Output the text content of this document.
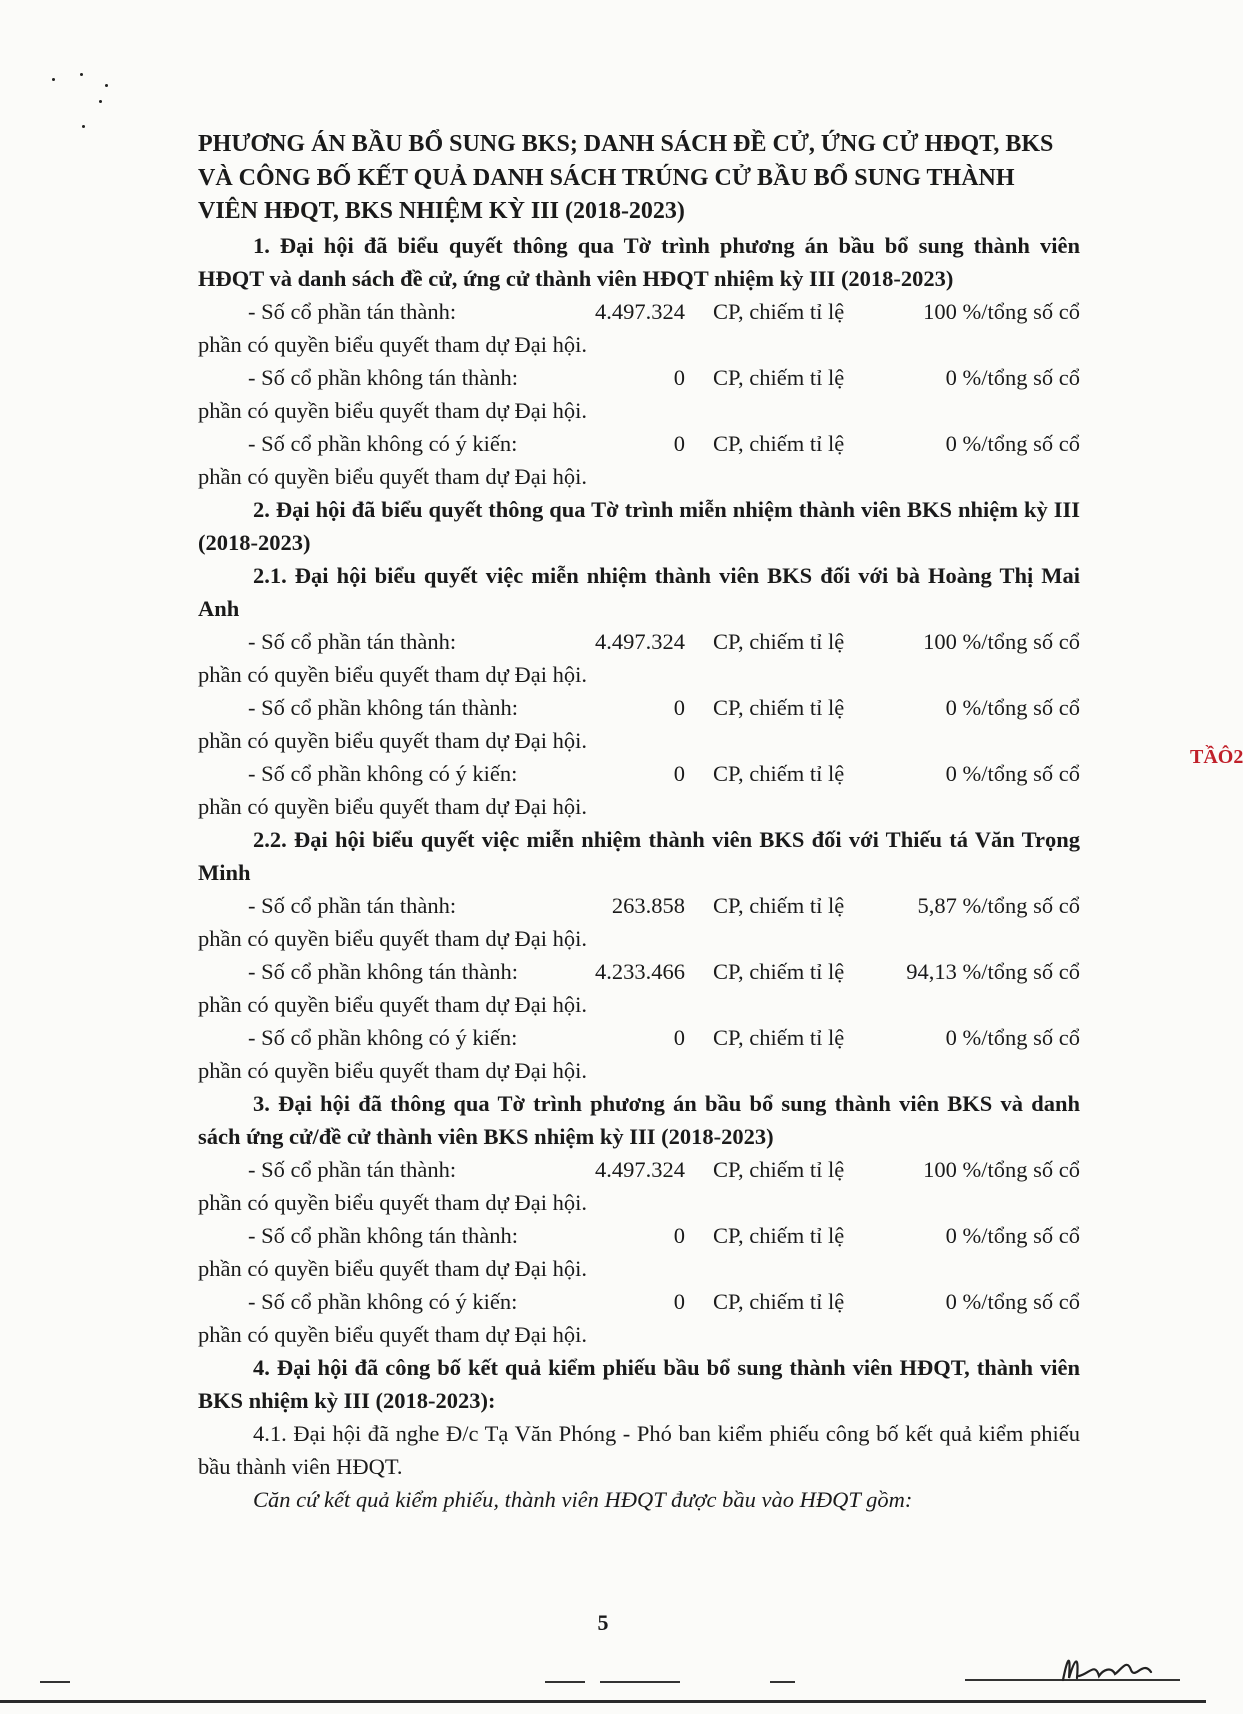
PHƯƠNG ÁN BẦU BỔ SUNG BKS; DANH SÁCH ĐỀ CỬ, ỨNG CỬ HĐQT, BKS VÀ CÔNG BỐ KẾT QUẢ DANH SÁCH TRÚNG CỬ BẦU BỔ SUNG THÀNH VIÊN HĐQT, BKS NHIỆM KỲ III (2018-2023)

1. Đại hội đã biểu quyết thông qua Tờ trình phương án bầu bổ sung thành viên HĐQT và danh sách đề cử, ứng cử thành viên HĐQT nhiệm kỳ III (2018-2023)

- Số cổ phần tán thành:	4.497.324	CP, chiếm tỉ lệ	100 %/tổng số cổ
phần có quyền biểu quyết tham dự Đại hội.
- Số cổ phần không tán thành:	0	CP, chiếm tỉ lệ	0 %/tổng số cổ
phần có quyền biểu quyết tham dự Đại hội.
- Số cổ phần không có ý kiến:	0	CP, chiếm tỉ lệ	0 %/tổng số cổ
phần có quyền biểu quyết tham dự Đại hội.

2. Đại hội đã biểu quyết thông qua Tờ trình miễn nhiệm thành viên BKS nhiệm kỳ III (2018-2023)

2.1. Đại hội biểu quyết việc miễn nhiệm thành viên BKS đối với bà Hoàng Thị Mai Anh

- Số cổ phần tán thành:	4.497.324	CP, chiếm tỉ lệ	100 %/tổng số cổ
phần có quyền biểu quyết tham dự Đại hội.
- Số cổ phần không tán thành:	0	CP, chiếm tỉ lệ	0 %/tổng số cổ
phần có quyền biểu quyết tham dự Đại hội.
- Số cổ phần không có ý kiến:	0	CP, chiếm tỉ lệ	0 %/tổng số cổ
phần có quyền biểu quyết tham dự Đại hội.

2.2. Đại hội biểu quyết việc miễn nhiệm thành viên BKS đối với Thiếu tá Văn Trọng Minh

- Số cổ phần tán thành:	263.858	CP, chiếm tỉ lệ	5,87 %/tổng số cổ
phần có quyền biểu quyết tham dự Đại hội.
- Số cổ phần không tán thành:	4.233.466	CP, chiếm tỉ lệ	94,13 %/tổng số cổ
phần có quyền biểu quyết tham dự Đại hội.
- Số cổ phần không có ý kiến:	0	CP, chiếm tỉ lệ	0 %/tổng số cổ
phần có quyền biểu quyết tham dự Đại hội.

3. Đại hội đã thông qua Tờ trình phương án bầu bổ sung thành viên BKS và danh sách ứng cử/đề cử thành viên BKS nhiệm kỳ III (2018-2023)

- Số cổ phần tán thành:	4.497.324	CP, chiếm tỉ lệ	100 %/tổng số cổ
phần có quyền biểu quyết tham dự Đại hội.
- Số cổ phần không tán thành:	0	CP, chiếm tỉ lệ	0 %/tổng số cổ
phần có quyền biểu quyết tham dự Đại hội.
- Số cổ phần không có ý kiến:	0	CP, chiếm tỉ lệ	0 %/tổng số cổ
phần có quyền biểu quyết tham dự Đại hội.

4. Đại hội đã công bố kết quả kiểm phiếu bầu bổ sung thành viên HĐQT, thành viên BKS nhiệm kỳ III (2018-2023):

4.1. Đại hội đã nghe Đ/c Tạ Văn Phóng - Phó ban kiểm phiếu công bố kết quả kiểm phiếu bầu thành viên HĐQT.

Căn cứ kết quả kiểm phiếu, thành viên HĐQT được bầu vào HĐQT gồm:

TẦÔ2
5
